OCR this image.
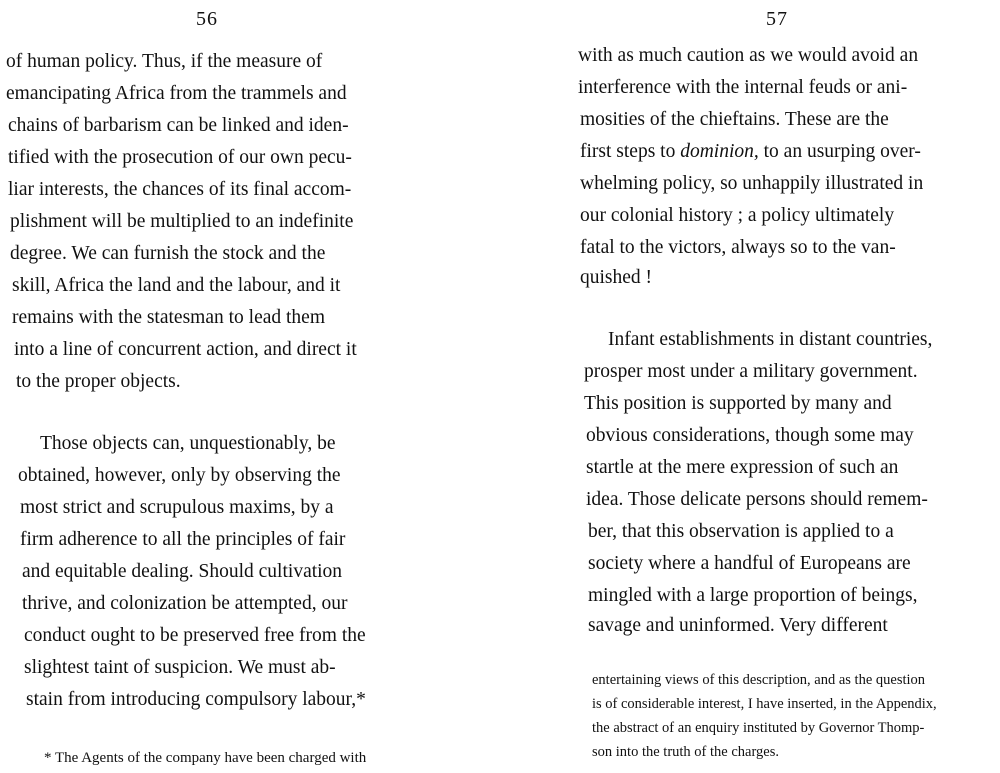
56
of human policy. Thus, if the measure of
emancipating Africa from the trammels and
chains of barbarism can be linked and iden-
tified with the prosecution of our own pecu-
liar interests, the chances of its final accom-
plishment will be multiplied to an indefinite
degree. We can furnish the stock and the
skill, Africa the land and the labour, and it
remains with the statesman to lead them
into a line of concurrent action, and direct it
to the proper objects.
Those objects can, unquestionably, be
obtained, however, only by observing the
most strict and scrupulous maxims, by a
firm adherence to all the principles of fair
and equitable dealing. Should cultivation
thrive, and colonization be attempted, our
conduct ought to be preserved free from the
slightest taint of suspicion. We must ab-
stain from introducing compulsory labour,*
* The Agents of the company have been charged with
57
with as much caution as we would avoid an
interference with the internal feuds or ani-
mosities of the chieftains. These are the
first steps to dominion, to an usurping over-
whelming policy, so unhappily illustrated in
our colonial history ; a policy ultimately
fatal to the victors, always so to the van-
quished !
Infant establishments in distant countries,
prosper most under a military government.
This position is supported by many and
obvious considerations, though some may
startle at the mere expression of such an
idea. Those delicate persons should remem-
ber, that this observation is applied to a
society where a handful of Europeans are
mingled with a large proportion of beings,
savage and uninformed. Very different
entertaining views of this description, and as the question
is of considerable interest, I have inserted, in the Appendix,
the abstract of an enquiry instituted by Governor Thomp-
son into the truth of the charges.
